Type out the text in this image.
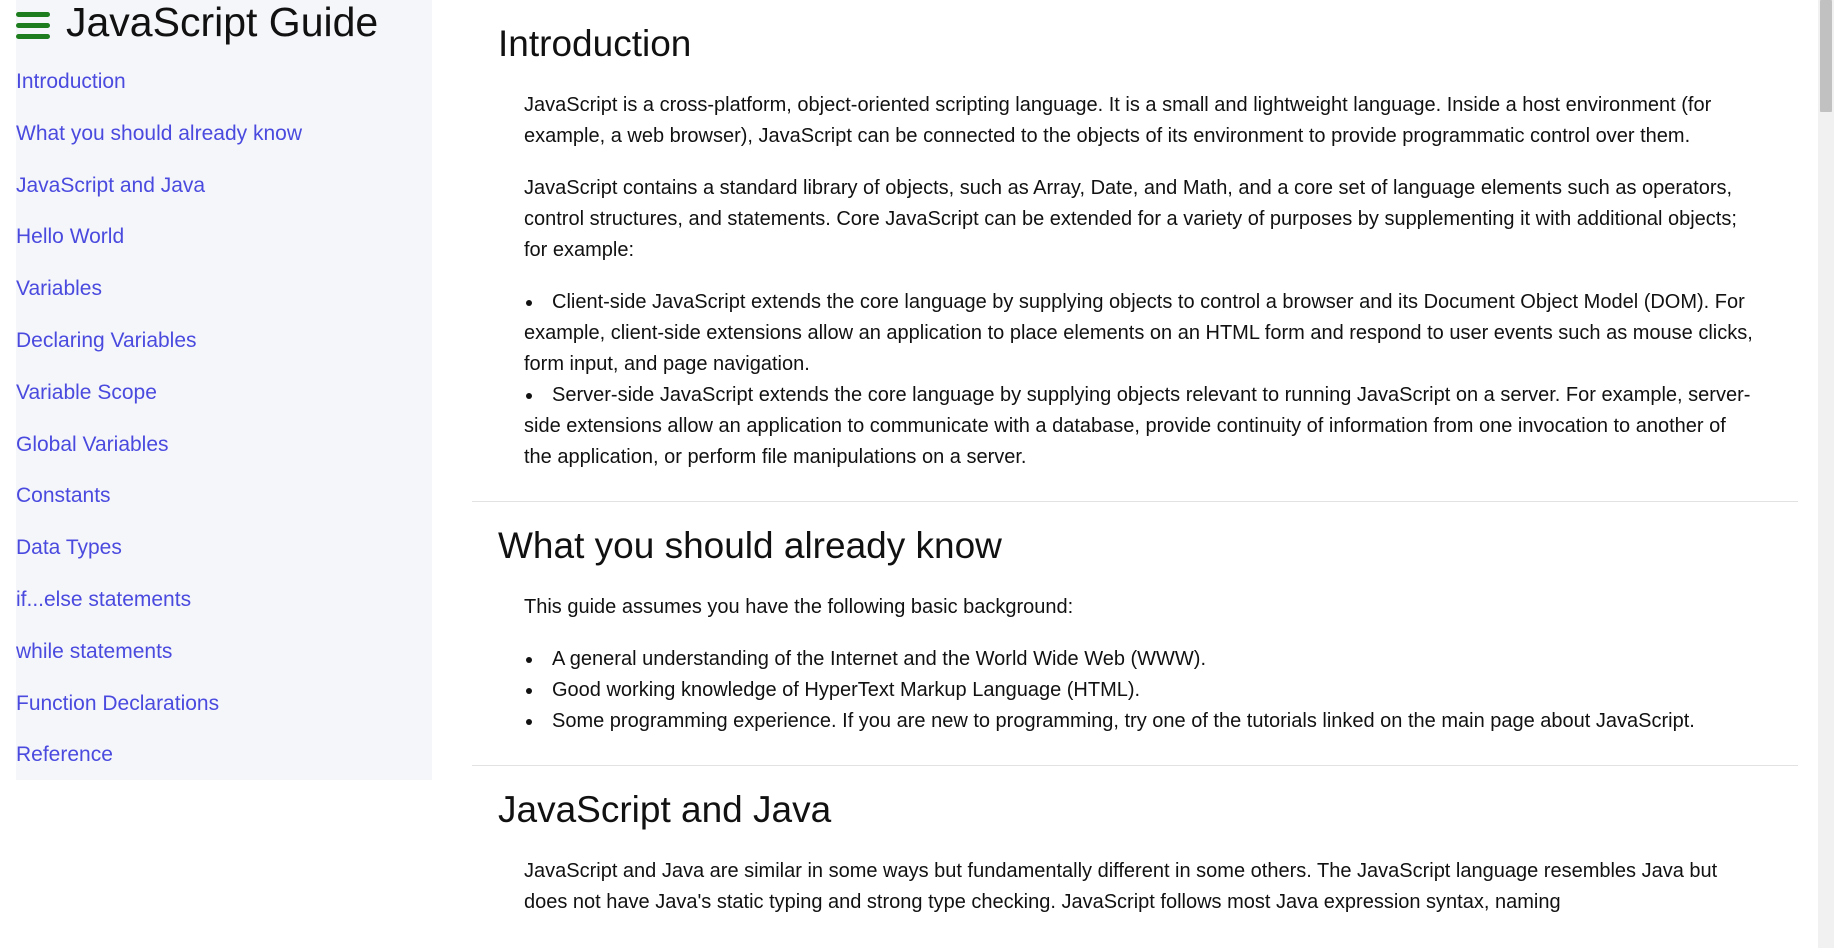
JavaScript Guide
Introduction
What you should already know
JavaScript and Java
Hello World
Variables
Declaring Variables
Variable Scope
Global Variables
Constants
Data Types
if...else statements
while statements
Function Declarations
Reference
Introduction

JavaScript is a cross-platform, object-oriented scripting language. It is a small and lightweight language. Inside a host environment (for example, a web browser), JavaScript can be connected to the objects of its environment to provide programmatic control over them.

JavaScript contains a standard library of objects, such as Array, Date, and Math, and a core set of language elements such as operators, control structures, and statements. Core JavaScript can be extended for a variety of purposes by supplementing it with additional objects; for example:

Client-side JavaScript extends the core language by supplying objects to control a browser and its Document Object Model (DOM). For example, client-side extensions allow an application to place elements on an HTML form and respond to user events such as mouse clicks, form input, and page navigation.
Server-side JavaScript extends the core language by supplying objects relevant to running JavaScript on a server. For example, server-side extensions allow an application to communicate with a database, provide continuity of information from one invocation to another of the application, or perform file manipulations on a server.
What you should already know

This guide assumes you have the following basic background:

A general understanding of the Internet and the World Wide Web (WWW).
Good working knowledge of HyperText Markup Language (HTML).
Some programming experience. If you are new to programming, try one of the tutorials linked on the main page about JavaScript.
JavaScript and Java

JavaScript and Java are similar in some ways but fundamentally different in some others. The JavaScript language resembles Java but does not have Java's static typing and strong type checking. JavaScript follows most Java expression syntax, naming
